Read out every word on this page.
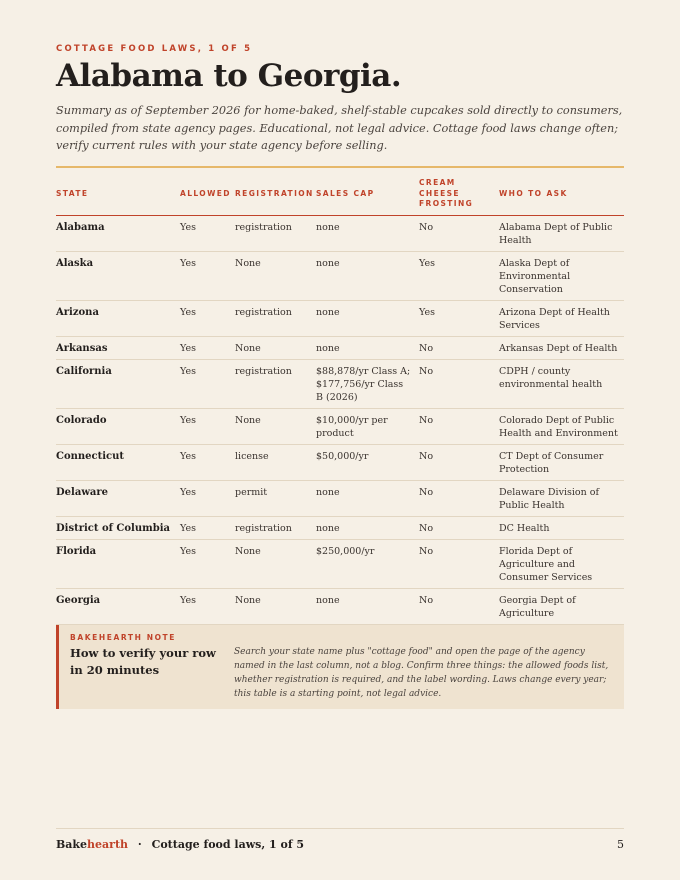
COTTAGE FOOD LAWS, 1 OF 5
Alabama to Georgia.
Summary as of September 2026 for home-baked, shelf-stable cupcakes sold directly to consumers, compiled from state agency pages. Educational, not legal advice. Cottage food laws change often; verify current rules with your state agency before selling.
STATE	ALLOWED	REGISTRATION	SALES CAP	CREAM CHEESE FROSTING	WHO TO ASK
Alabama	Yes	registration	none	No	Alabama Dept of Public Health
Alaska	Yes	None	none	Yes	Alaska Dept of Environmental Conservation
Arizona	Yes	registration	none	Yes	Arizona Dept of Health Services
Arkansas	Yes	None	none	No	Arkansas Dept of Health
California	Yes	registration	$88,878/yr Class A; $177,756/yr Class B (2026)	No	CDPH / county environmental health
Colorado	Yes	None	$10,000/yr per product	No	Colorado Dept of Public Health and Environment
Connecticut	Yes	license	$50,000/yr	No	CT Dept of Consumer Protection
Delaware	Yes	permit	none	No	Delaware Division of Public Health
District of Columbia	Yes	registration	none	No	DC Health
Florida	Yes	None	$250,000/yr	No	Florida Dept of Agriculture and Consumer Services
Georgia	Yes	None	none	No	Georgia Dept of Agriculture
BAKEHEARTH NOTE
How to verify your row in 20 minutes
Search your state name plus "cottage food" and open the page of the agency named in the last column, not a blog. Confirm three things: the allowed foods list, whether registration is required, and the label wording. Laws change every year; this table is a starting point, not legal advice.
Bakehearth · Cottage food laws, 1 of 5	5
